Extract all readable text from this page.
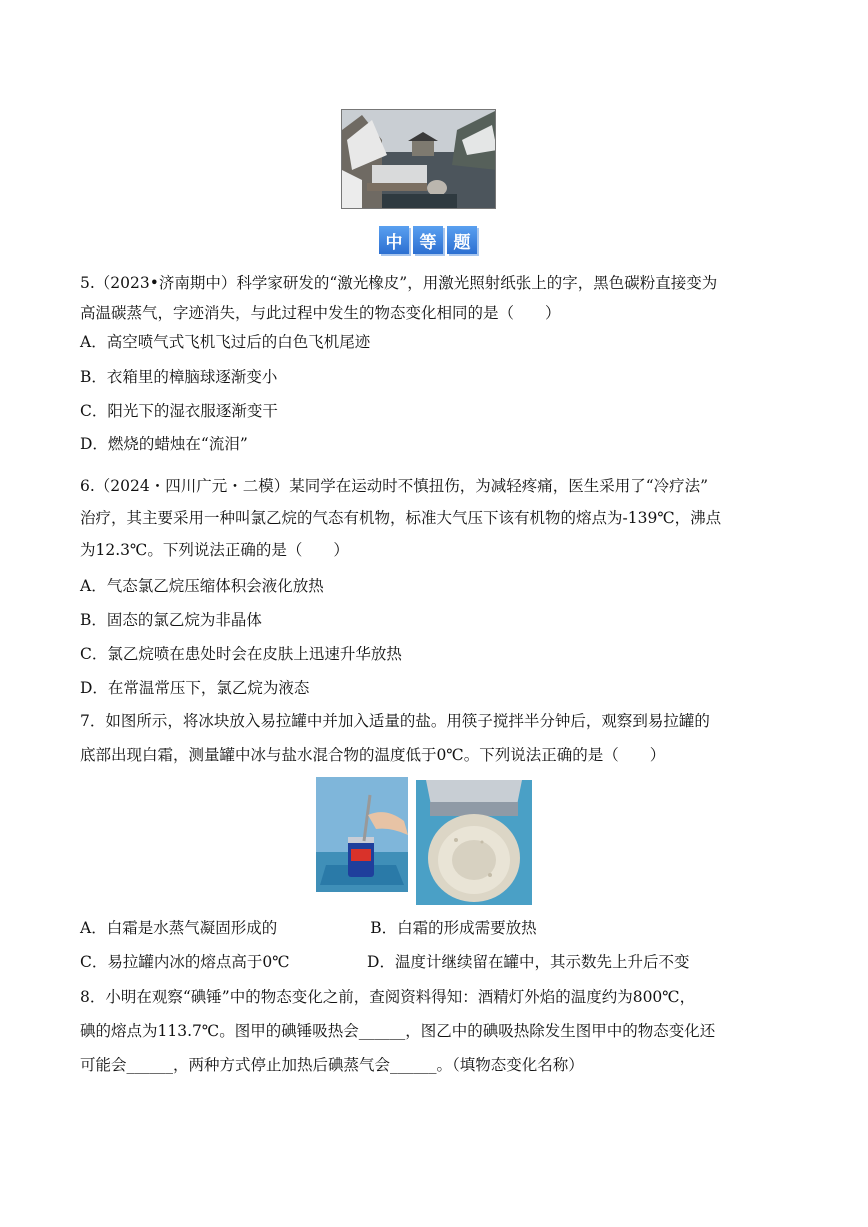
中	等	题
5.（2023•济南期中）科学家研发的“激光橡皮”，用激光照射纸张上的字，黑色碳粉直接变为
高温碳蒸气，字迹消失，与此过程中发生的物态变化相同的是（　　）
A．高空喷气式飞机飞过后的白色飞机尾迹
B．衣箱里的樟脑球逐渐变小
C．阳光下的湿衣服逐渐变干
D．燃烧的蜡烛在“流泪”
6.（2024・四川广元・二模）某同学在运动时不慎扭伤，为减轻疼痛，医生采用了“冷疗法”
治疗，其主要采用一种叫氯乙烷的气态有机物，标准大气压下该有机物的熔点为-139℃，沸点
为12.3℃。下列说法正确的是（　　）
A．气态氯乙烷压缩体积会液化放热
B．固态的氯乙烷为非晶体
C．氯乙烷喷在患处时会在皮肤上迅速升华放热
D．在常温常压下，氯乙烷为液态
7．如图所示，将冰块放入易拉罐中并加入适量的盐。用筷子搅拌半分钟后，观察到易拉罐的
底部出现白霜，测量罐中冰与盐水混合物的温度低于0℃。下列说法正确的是（　　）
A．白霜是水蒸气凝固形成的　　　　　　B．白霜的形成需要放热
C．易拉罐内冰的熔点高于0℃　　　　　D．温度计继续留在罐中，其示数先上升后不变
8．小明在观察“碘锤”中的物态变化之前，查阅资料得知：酒精灯外焰的温度约为800℃，
碘的熔点为113.7℃。图甲的碘锤吸热会______，图乙中的碘吸热除发生图甲中的物态变化还
可能会______，两种方式停止加热后碘蒸气会______。（填物态变化名称）
